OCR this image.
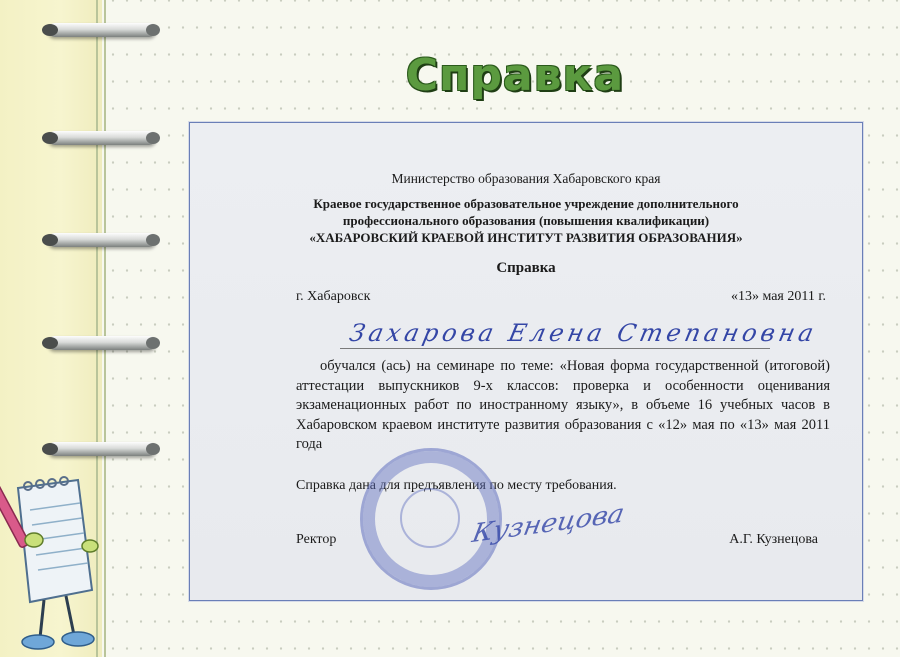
Справка
Министерство образования Хабаровского края
Краевое государственное образовательное учреждение дополнительного
профессионального образования (повышения квалификации)
«ХАБАРОВСКИЙ КРАЕВОЙ ИНСТИТУТ РАЗВИТИЯ ОБРАЗОВАНИЯ»
Справка
г. Хабаровск	«13» мая 2011 г.
Захарова Елена Степановна
обучался (ась) на семинаре по теме: «Новая форма государственной (итоговой) аттестации выпускников 9-х классов: проверка и особенности оценивания экзаменационных работ по иностранному языку», в объеме 16 учебных часов в Хабаровском краевом институте развития образования с «12» мая по «13» мая 2011 года
Справка дана для предъявления по месту требования.
Кузнецова
Ректор	А.Г. Кузнецова
